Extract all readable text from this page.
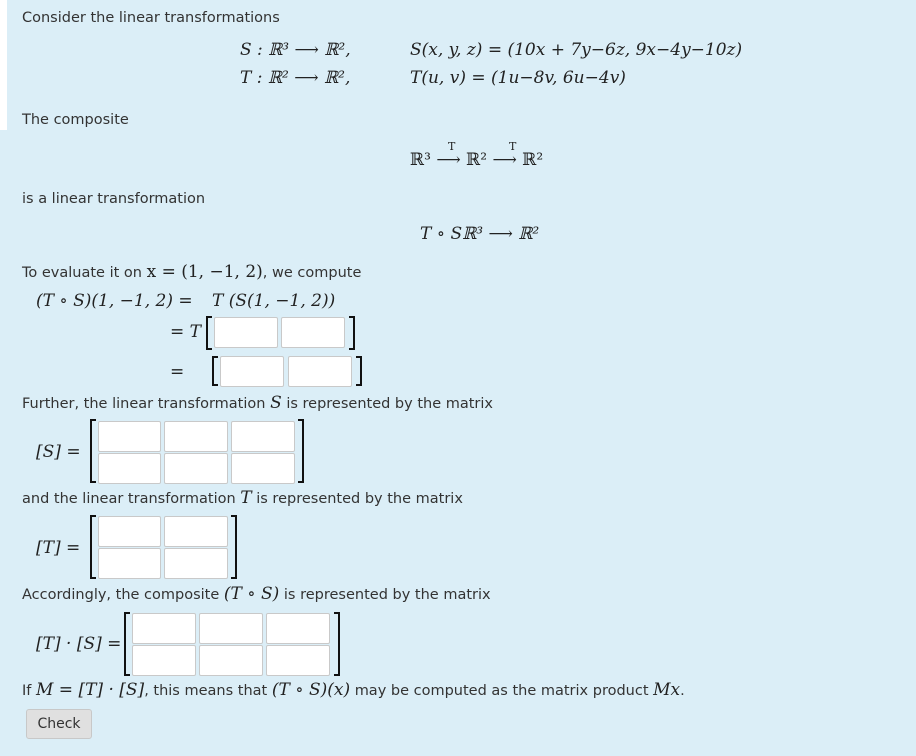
Consider the linear transformations
S : ℝ³ ⟶ ℝ²,
T : ℝ² ⟶ ℝ²,
S(x, y, z) = (10x + 7y−6z, 9x−4y−10z)
T(u, v) = (1u−8v, 6u−4v)
The composite
T	T
ℝ³ ⟶ ℝ² ⟶ ℝ²
is a linear transformation
T ∘ Sℝ³ ⟶ ℝ²
To evaluate it on x = (1, −1, 2), we compute
(T ∘ S)(1, −1, 2) = T (S(1, −1, 2))
= T
=
Further, the linear transformation S is represented by the matrix
[S] =
and the linear transformation T is represented by the matrix
[T] =
Accordingly, the composite (T ∘ S) is represented by the matrix
[T] · [S] =
If M = [T] · [S], this means that (T ∘ S)(x) may be computed as the matrix product Mx.
Check
